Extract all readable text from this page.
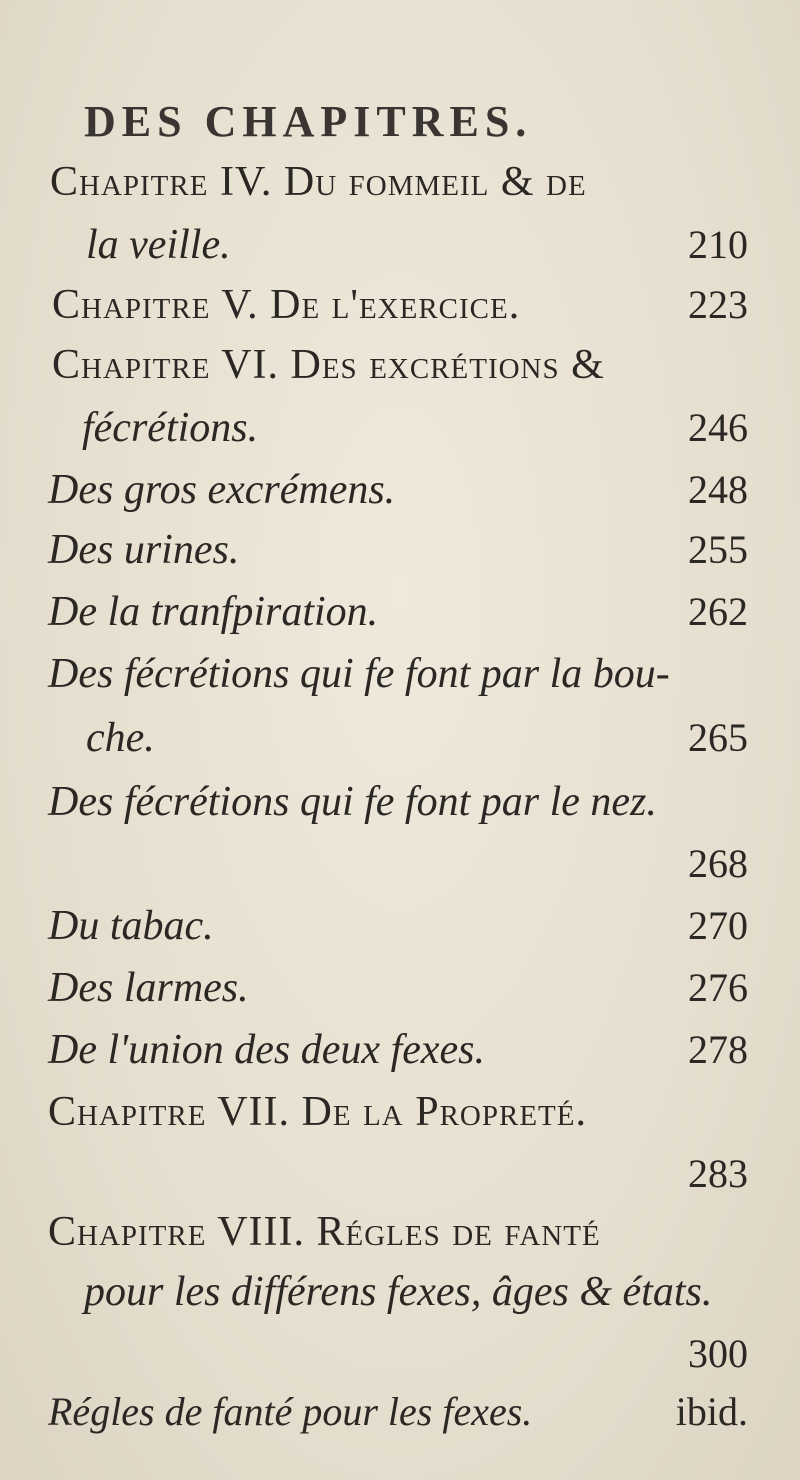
DES CHAPITRES.
Chapitre IV. Du fommeil & de
la veille.	210
Chapitre V. De l'exercice.	223
Chapitre VI. Des excrétions &
fécrétions.	246
Des gros excrémens.	248
Des urines.	255
De la tranfpiration.	262
Des fécrétions qui fe font par la bou-
che.	265
Des fécrétions qui fe font par le nez.
268
Du tabac.	270
Des larmes.	276
De l'union des deux fexes.	278
Chapitre VII. De la Propreté.
283
Chapitre VIII. Régles de fanté
pour les différens fexes, âges & états.
300
Régles de fanté pour les fexes.	ibid.
